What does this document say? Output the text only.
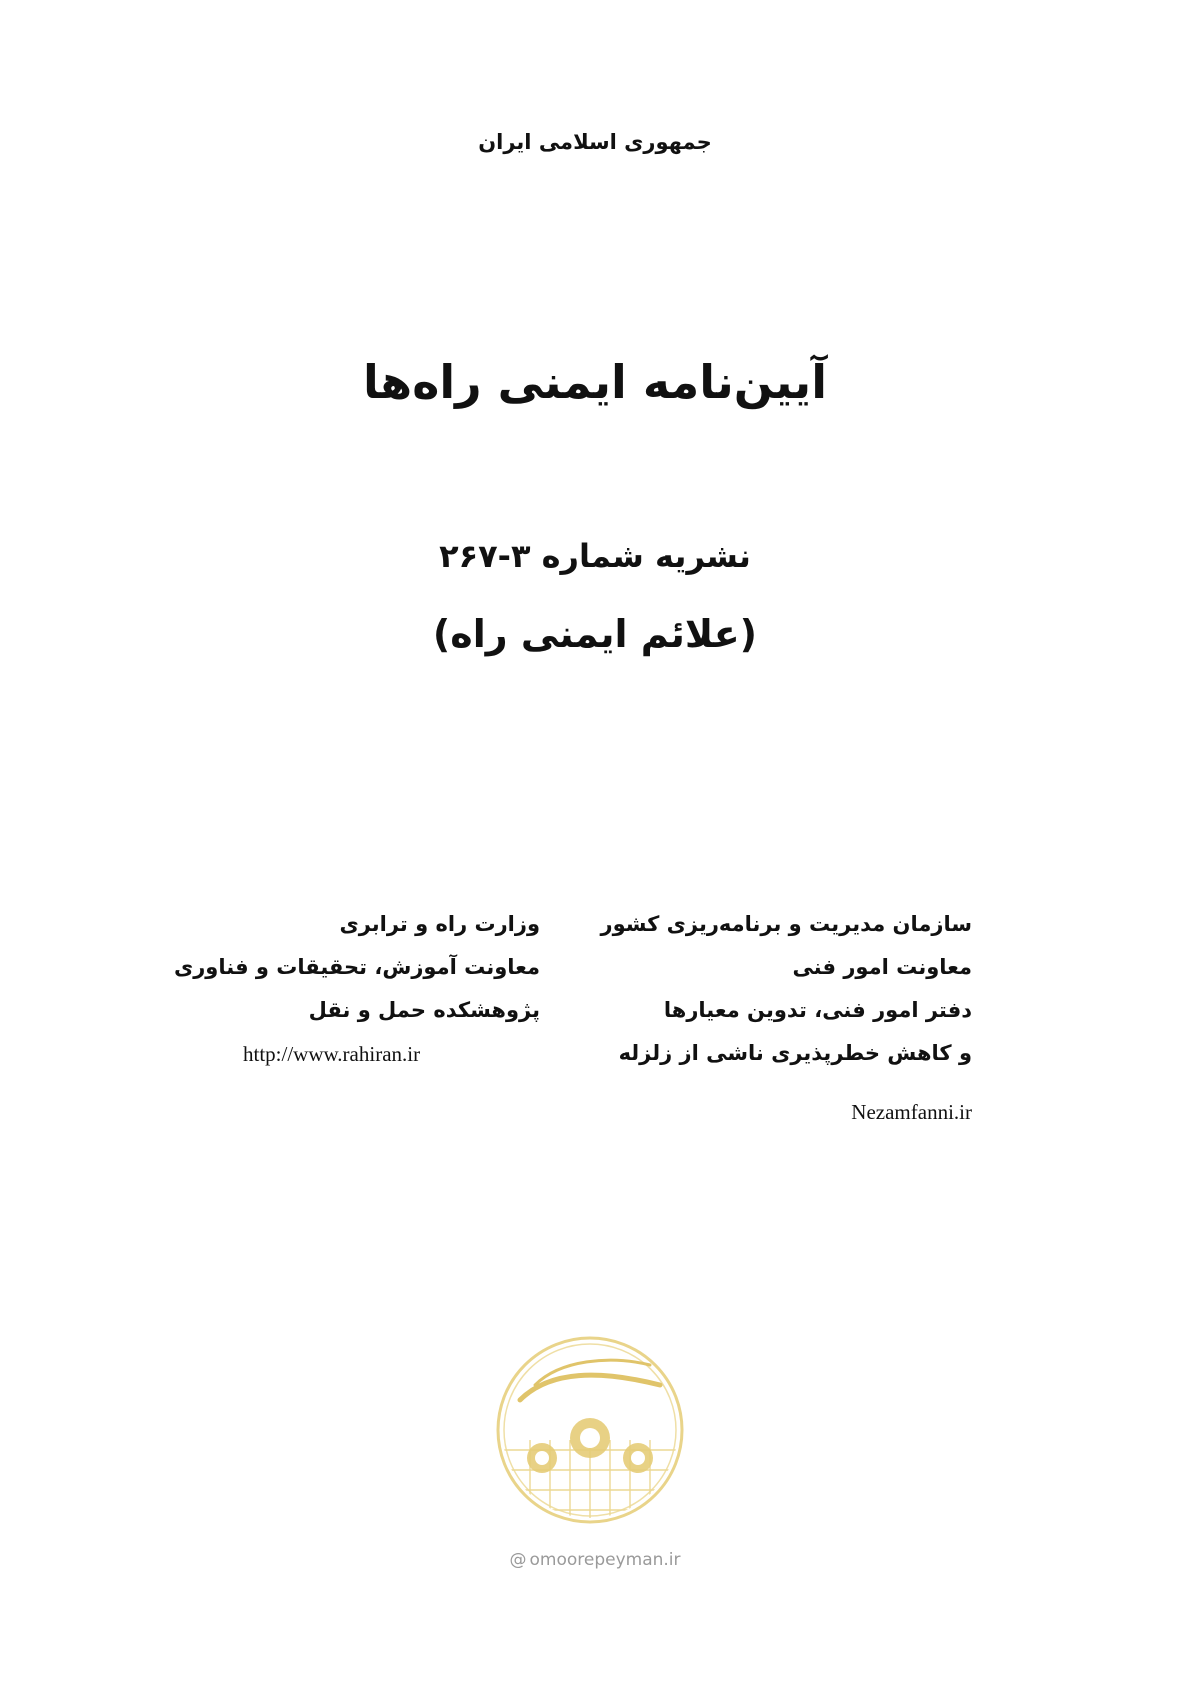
جمهوری اسلامی ایران
آیین‌نامه ایمنی راه‌ها
نشریه شماره ۳-۲۶۷
(علائم ایمنی راه)
سازمان مدیریت و برنامه‌ریزی کشور
معاونت امور فنی
دفتر امور فنی، تدوین معیارها
و کاهش خطرپذیری ناشی از زلزله
Nezamfanni.ir
وزارت راه و ترابری
معاونت آموزش، تحقیقات و فناوری
پژوهشکده حمل و نقل
http://www.rahiran.ir
@ omoorepeyman.ir
